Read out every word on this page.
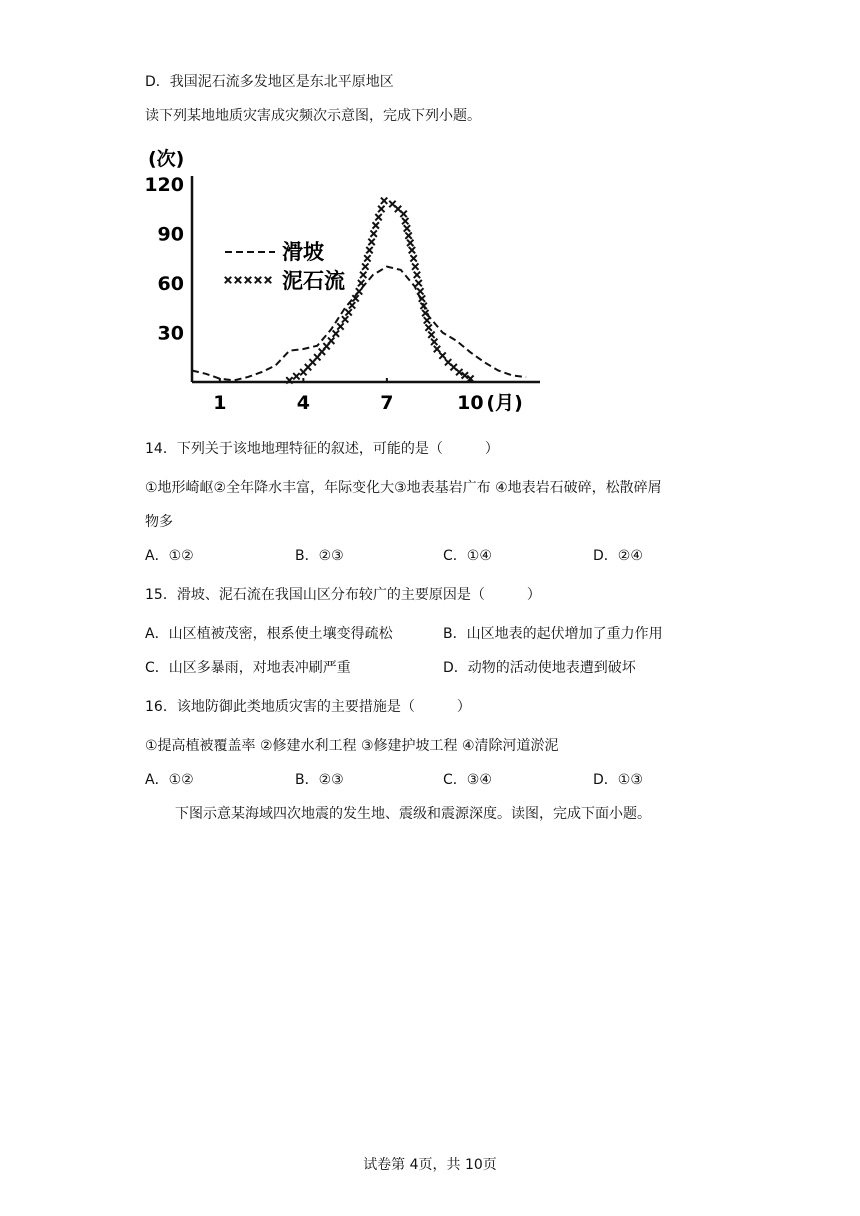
D．我国泥石流多发地区是东北平原地区
读下列某地地质灾害成灾频次示意图，完成下列小题。
(次)
30
60
90
120
1	4	7	10 (月)
滑坡
泥石流
14．下列关于该地地理特征的叙述，可能的是（　　　）
①地形崎岖②全年降水丰富，年际变化大③地表基岩广布 ④地表岩石破碎，松散碎屑
物多
A．①②	B．②③	C．①④	D．②④
15．滑坡、泥石流在我国山区分布较广的主要原因是（　　　）
A．山区植被茂密，根系使土壤变得疏松	B．山区地表的起伏增加了重力作用
C．山区多暴雨，对地表冲刷严重	D．动物的活动使地表遭到破坏
16．该地防御此类地质灾害的主要措施是（　　　）
①提高植被覆盖率 ②修建水利工程 ③修建护坡工程 ④清除河道淤泥
A．①②	B．②③	C．③④	D．①③
下图示意某海域四次地震的发生地、震级和震源深度。读图，完成下面小题。
试卷第 4页，共 10页
